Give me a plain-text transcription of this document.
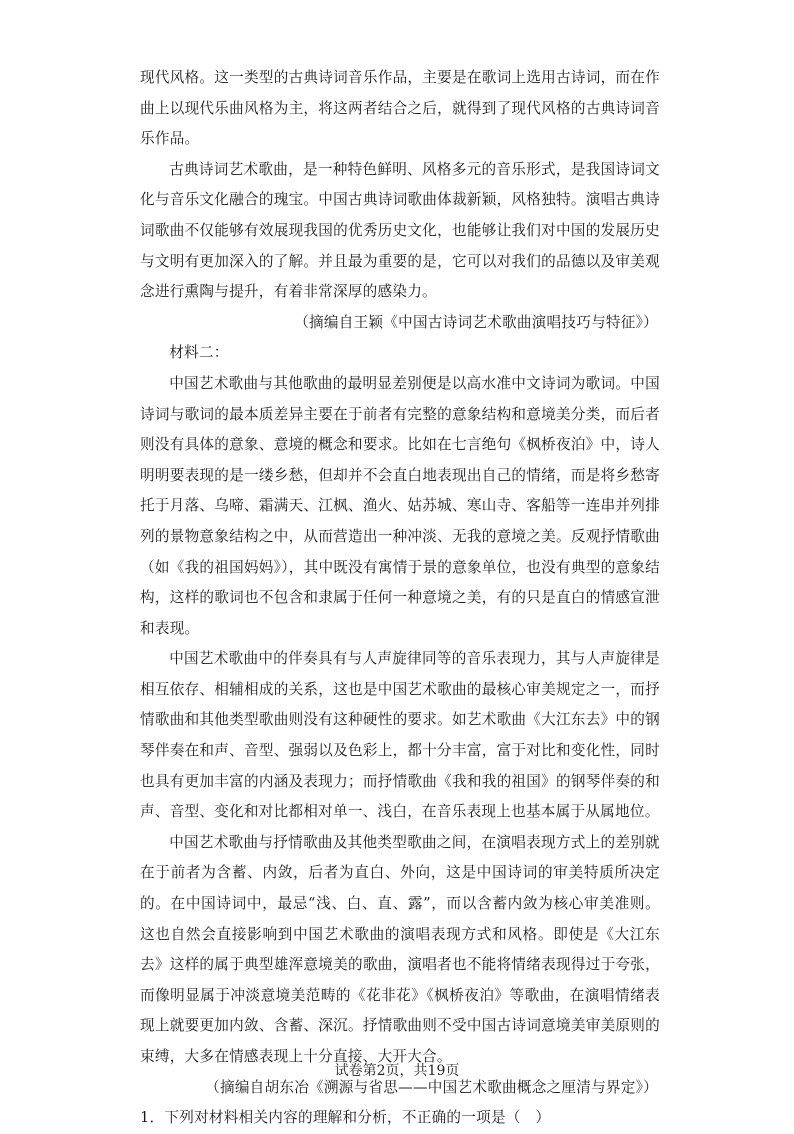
现代风格。这一类型的古典诗词音乐作品，主要是在歌词上选用古诗词，而在作曲上以现代乐曲风格为主，将这两者结合之后，就得到了现代风格的古典诗词音乐作品。

古典诗词艺术歌曲，是一种特色鲜明、风格多元的音乐形式，是我国诗词文化与音乐文化融合的瑰宝。中国古典诗词歌曲体裁新颖，风格独特。演唱古典诗词歌曲不仅能够有效展现我国的优秀历史文化，也能够让我们对中国的发展历史与文明有更加深入的了解。并且最为重要的是，它可以对我们的品德以及审美观念进行熏陶与提升，有着非常深厚的感染力。

（摘编自王颖《中国古诗词艺术歌曲演唱技巧与特征》）

材料二：

中国艺术歌曲与其他歌曲的最明显差别便是以高水准中文诗词为歌词。中国诗词与歌词的最本质差异主要在于前者有完整的意象结构和意境美分类，而后者则没有具体的意象、意境的概念和要求。比如在七言绝句《枫桥夜泊》中，诗人明明要表现的是一缕乡愁，但却并不会直白地表现出自己的情绪，而是将乡愁寄托于月落、乌啼、霜满天、江枫、渔火、姑苏城、寒山寺、客船等一连串并列排列的景物意象结构之中，从而营造出一种冲淡、无我的意境之美。反观抒情歌曲（如《我的祖国妈妈》），其中既没有寓情于景的意象单位，也没有典型的意象结构，这样的歌词也不包含和隶属于任何一种意境之美，有的只是直白的情感宣泄和表现。

中国艺术歌曲中的伴奏具有与人声旋律同等的音乐表现力，其与人声旋律是相互依存、相辅相成的关系，这也是中国艺术歌曲的最核心审美规定之一，而抒情歌曲和其他类型歌曲则没有这种硬性的要求。如艺术歌曲《大江东去》中的钢琴伴奏在和声、音型、强弱以及色彩上，都十分丰富，富于对比和变化性，同时也具有更加丰富的内涵及表现力；而抒情歌曲《我和我的祖国》的钢琴伴奏的和声、音型、变化和对比都相对单一、浅白，在音乐表现上也基本属于从属地位。

中国艺术歌曲与抒情歌曲及其他类型歌曲之间，在演唱表现方式上的差别就在于前者为含蓄、内敛，后者为直白、外向，这是中国诗词的审美特质所决定的。在中国诗词中，最忌“浅、白、直、露”，而以含蓄内敛为核心审美准则。这也自然会直接影响到中国艺术歌曲的演唱表现方式和风格。即使是《大江东去》这样的属于典型雄浑意境美的歌曲，演唱者也不能将情绪表现得过于夸张，而像明显属于冲淡意境美范畴的《花非花》《枫桥夜泊》等歌曲，在演唱情绪表现上就要更加内敛、含蓄、深沉。抒情歌曲则不受中国古诗词意境美审美原则的束缚，大多在情感表现上十分直接、大开大合。

（摘编自胡东冶《溯源与省思——中国艺术歌曲概念之厘清与界定》）

1．下列对材料相关内容的理解和分析，不正确的一项是（　）

试卷第2页，共19页
